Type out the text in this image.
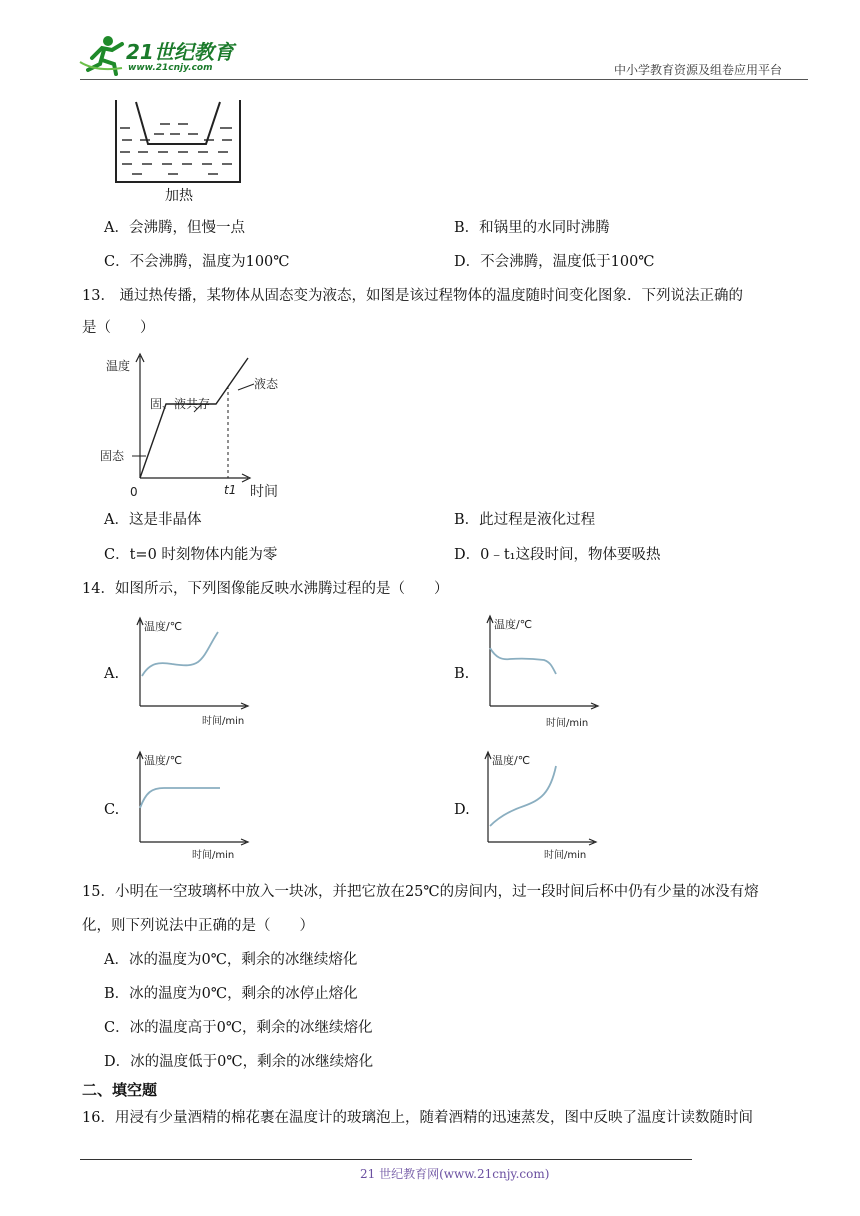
21世纪教育
www.21cnjy.com	中小学教育资源及组卷应用平台
加热
A．会沸腾，但慢一点	B．和锅里的水同时沸腾
C．不会沸腾，温度为100℃	D．不会沸腾，温度低于100℃
13． 通过热传播，某物体从固态变为液态，如图是该过程物体的温度随时间变化图象．下列说法正确的
是（　　）
温度
固、液共存
液态
固态
0	t1 时间
A．这是非晶体	B．此过程是液化过程
C．t=0 时刻物体内能为零	D．0﹣t₁这段时间，物体要吸热
14．如图所示，下列图像能反映水沸腾过程的是（　　）
A.	B.
C.	D.
温度/℃
时间/min
温度/℃
时间/min
温度/℃
时间/min
温度/℃
时间/min
15．小明在一空玻璃杯中放入一块冰，并把它放在25℃的房间内，过一段时间后杯中仍有少量的冰没有熔
化，则下列说法中正确的是（　　）
A．冰的温度为0℃，剩余的冰继续熔化
B．冰的温度为0℃，剩余的冰停止熔化
C．冰的温度高于0℃，剩余的冰继续熔化
D．冰的温度低于0℃，剩余的冰继续熔化
二、填空题
16．用浸有少量酒精的棉花裹在温度计的玻璃泡上，随着酒精的迅速蒸发，图中反映了温度计读数随时间
21 世纪教育网(www.21cnjy.com)
